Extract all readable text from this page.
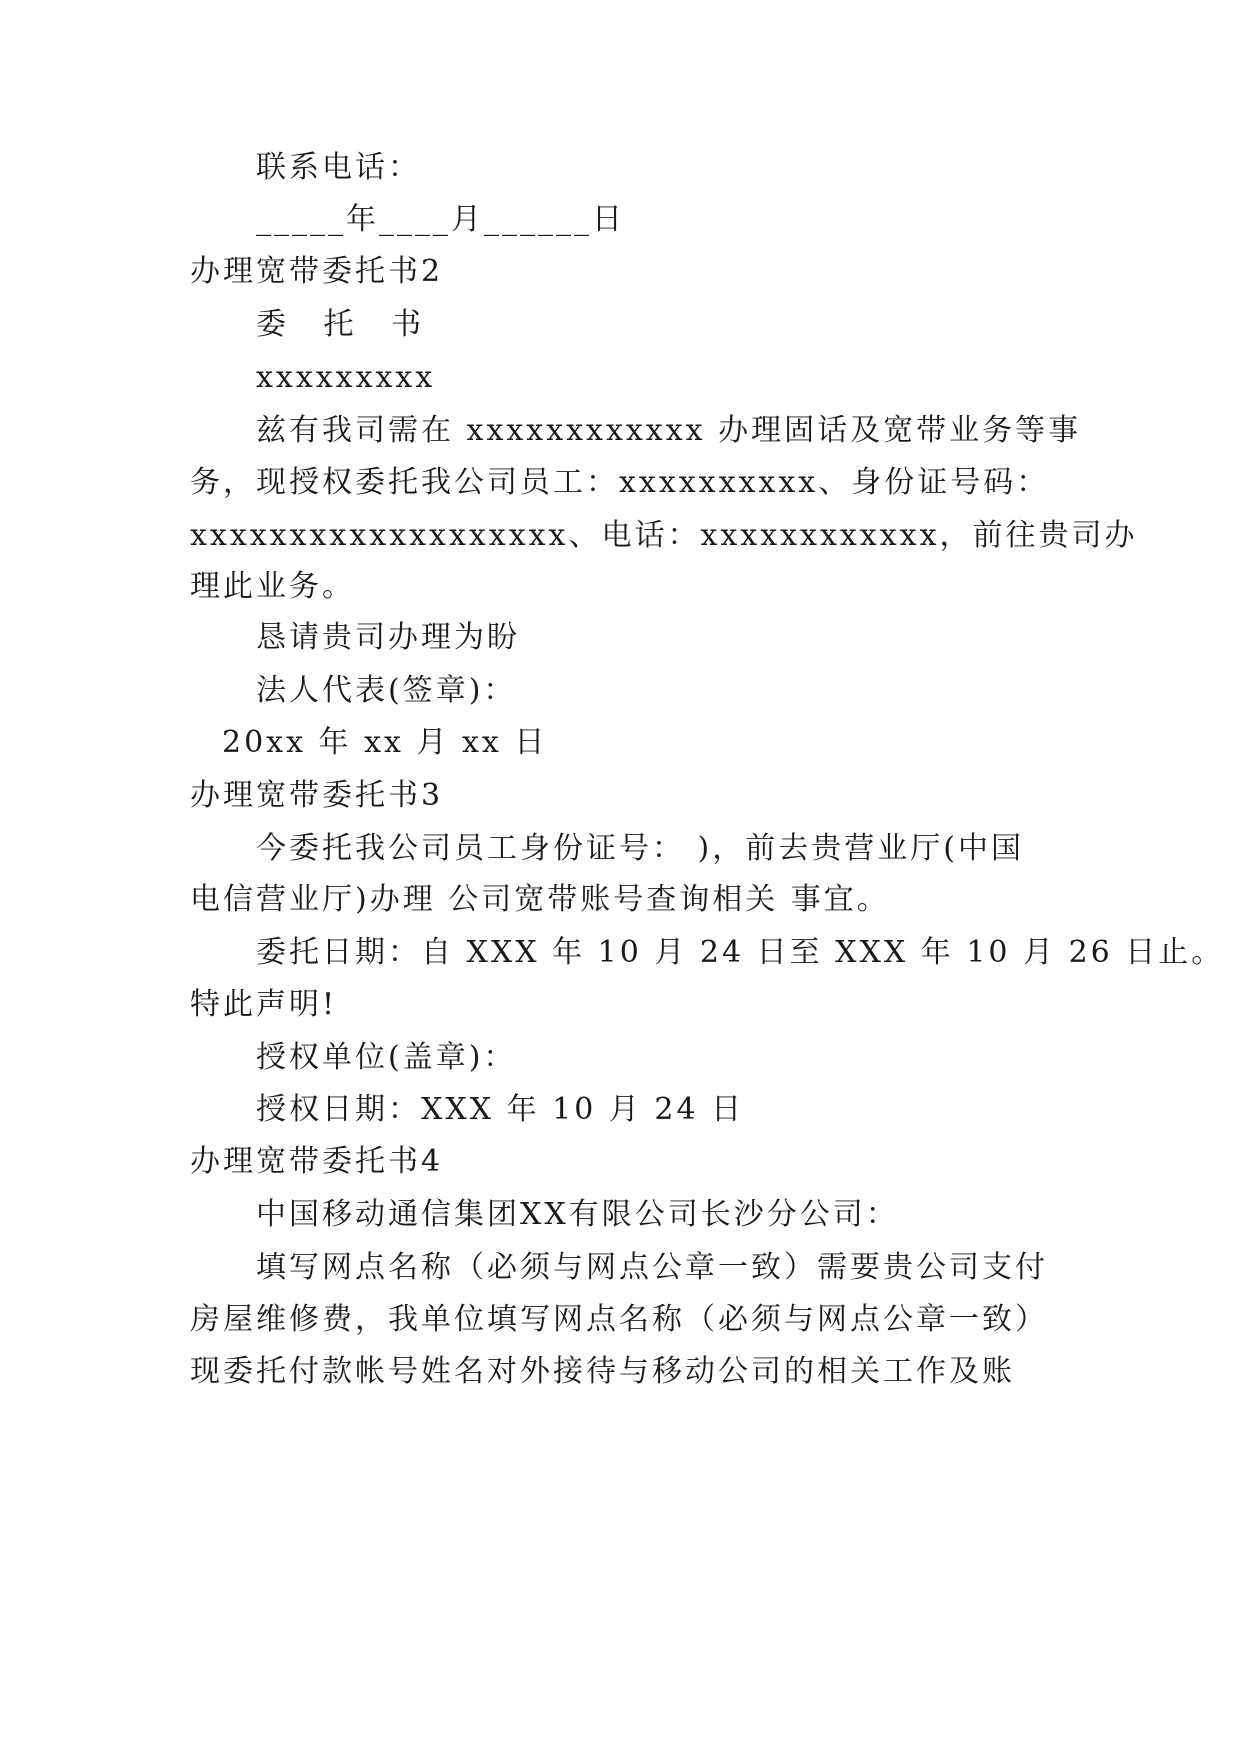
联系电话：
_____年____月______日
办理宽带委托书2
委 托 书
xxxxxxxxx
兹有我司需在 xxxxxxxxxxxx 办理固话及宽带业务等事
务，现授权委托我公司员工：xxxxxxxxxx、身份证号码：
xxxxxxxxxxxxxxxxxxx、电话：xxxxxxxxxxxx，前往贵司办
理此业务。
恳请贵司办理为盼
法人代表(签章)：
20xx 年 xx 月 xx 日
办理宽带委托书3
今委托我公司员工身份证号： )，前去贵营业厅(中国
电信营业厅)办理 公司宽带账号查询相关 事宜。
委托日期：自 XXX 年 10 月 24 日至 XXX 年 10 月 26 日止。
特此声明!
授权单位(盖章)：
授权日期：XXX 年 10 月 24 日
办理宽带委托书4
中国移动通信集团XX有限公司长沙分公司：
填写网点名称（必须与网点公章一致）需要贵公司支付
房屋维修费，我单位填写网点名称（必须与网点公章一致）
现委托付款帐号姓名对外接待与移动公司的相关工作及账
